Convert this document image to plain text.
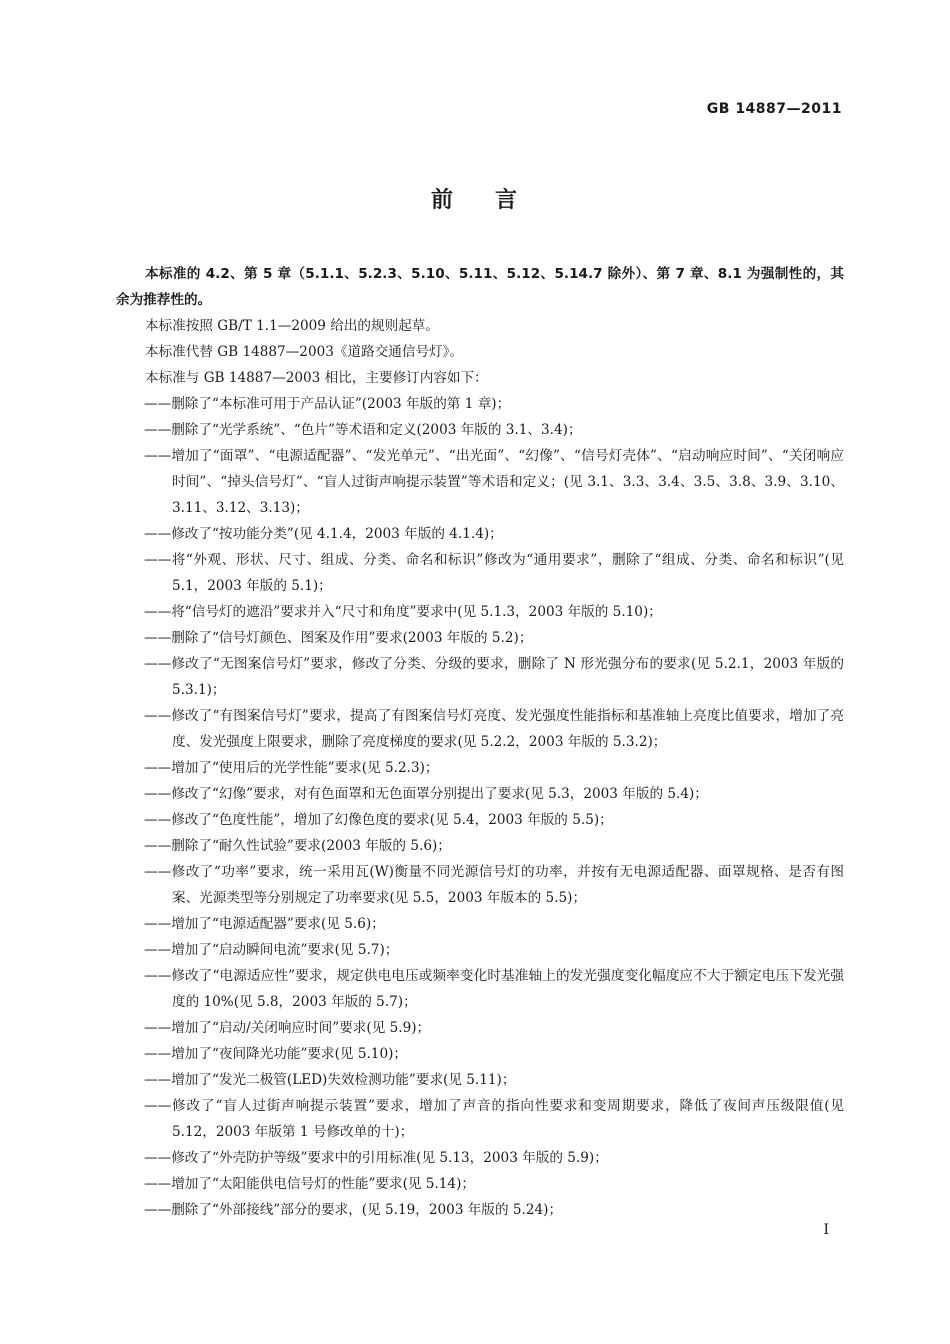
GB 14887—2011
前 言

本标准的 4.2、第 5 章（5.1.1、5.2.3、5.10、5.11、5.12、5.14.7 除外）、第 7 章、8.1 为强制性的，其余为推荐性的。

本标准按照 GB/T 1.1—2009 给出的规则起草。

本标准代替 GB 14887—2003《道路交通信号灯》。

本标准与 GB 14887—2003 相比，主要修订内容如下：

——删除了“本标准可用于产品认证”(2003 年版的第 1 章)；

——删除了“光学系统”、“色片”等术语和定义(2003 年版的 3.1、3.4)；

——增加了“面罩”、“电源适配器”、“发光单元”、“出光面”、“幻像”、“信号灯壳体”、“启动响应时间”、“关闭响应时间”、“掉头信号灯”、“盲人过街声响提示装置”等术语和定义；(见 3.1、3.3、3.4、3.5、3.8、3.9、3.10、3.11、3.12、3.13)；

——修改了“按功能分类”(见 4.1.4，2003 年版的 4.1.4)；

——将“外观、形状、尺寸、组成、分类、命名和标识”修改为“通用要求”，删除了“组成、分类、命名和标识”(见 5.1，2003 年版的 5.1)；

——将“信号灯的遮沿”要求并入“尺寸和角度”要求中(见 5.1.3，2003 年版的 5.10)；

——删除了“信号灯颜色、图案及作用”要求(2003 年版的 5.2)；

——修改了“无图案信号灯”要求，修改了分类、分级的要求，删除了 N 形光强分布的要求(见 5.2.1，2003 年版的 5.3.1)；

——修改了“有图案信号灯”要求，提高了有图案信号灯亮度、发光强度性能指标和基准轴上亮度比值要求，增加了亮度、发光强度上限要求，删除了亮度梯度的要求(见 5.2.2，2003 年版的 5.3.2)；

——增加了“使用后的光学性能”要求(见 5.2.3)；

——修改了“幻像”要求，对有色面罩和无色面罩分别提出了要求(见 5.3，2003 年版的 5.4)；

——修改了“色度性能”，增加了幻像色度的要求(见 5.4，2003 年版的 5.5)；

——删除了“耐久性试验”要求(2003 年版的 5.6)；

——修改了“功率”要求，统一采用瓦(W)衡量不同光源信号灯的功率，并按有无电源适配器、面罩规格、是否有图案、光源类型等分别规定了功率要求(见 5.5，2003 年版本的 5.5)；

——增加了“电源适配器”要求(见 5.6)；

——增加了“启动瞬间电流”要求(见 5.7)；

——修改了“电源适应性”要求，规定供电电压或频率变化时基准轴上的发光强度变化幅度应不大于额定电压下发光强度的 10%(见 5.8，2003 年版的 5.7)；

——增加了“启动/关闭响应时间”要求(见 5.9)；

——增加了“夜间降光功能”要求(见 5.10)；

——增加了“发光二极管(LED)失效检测功能”要求(见 5.11)；

——修改了“盲人过街声响提示装置”要求，增加了声音的指向性要求和变周期要求，降低了夜间声压级限值(见 5.12，2003 年版第 1 号修改单的十)；

——修改了“外壳防护等级”要求中的引用标准(见 5.13，2003 年版的 5.9)；

——增加了“太阳能供电信号灯的性能”要求(见 5.14)；

——删除了“外部接线”部分的要求，(见 5.19，2003 年版的 5.24)；

I
